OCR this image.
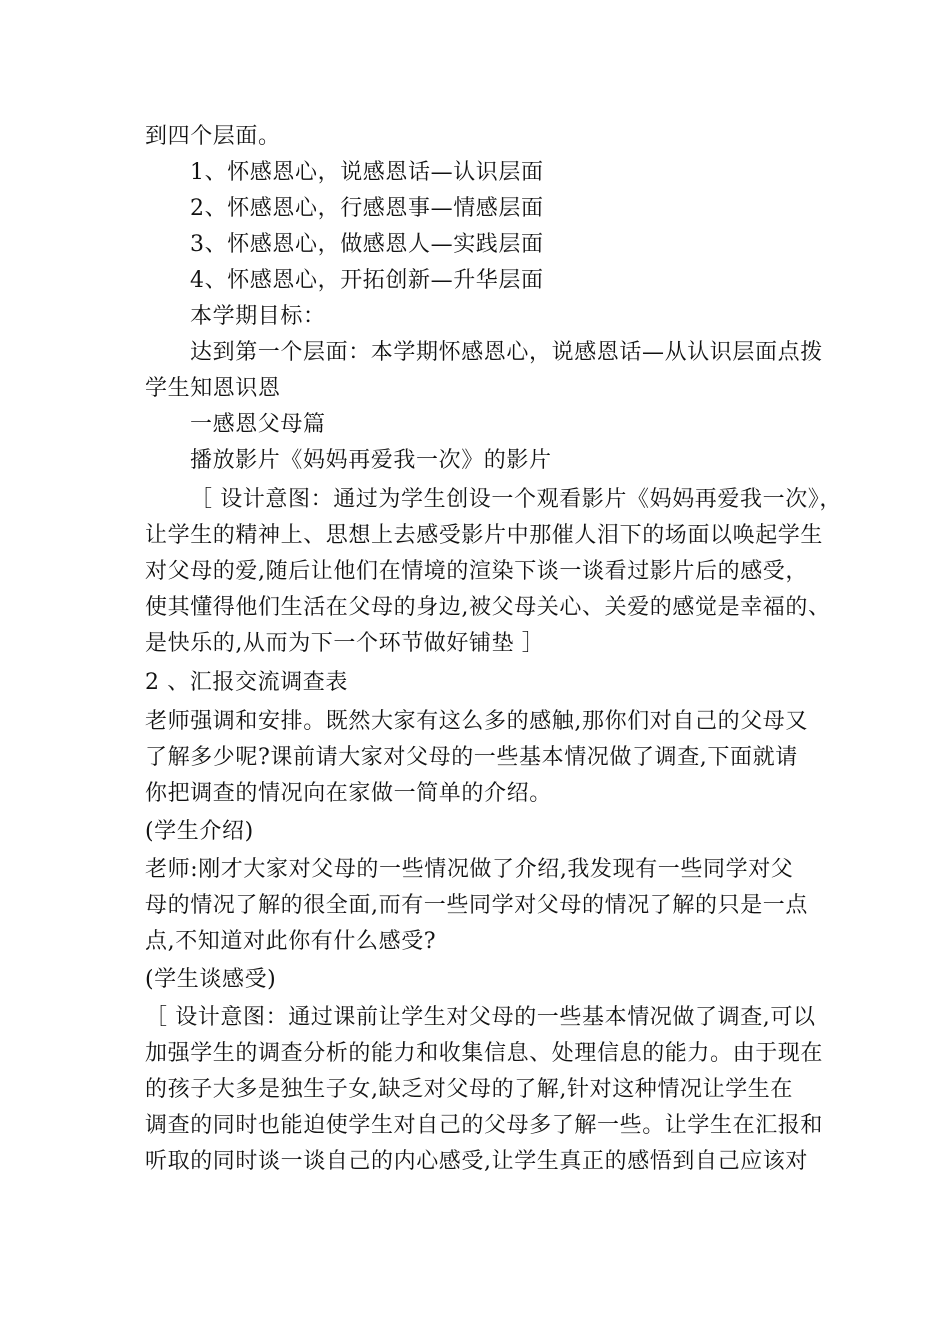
到四个层面。
1、怀感恩心，说感恩话—认识层面
2、怀感恩心，行感恩事—情感层面
3、怀感恩心，做感恩人—实践层面
4、怀感恩心，开拓创新—升华层面
本学期目标：
达到第一个层面：本学期怀感恩心，说感恩话—从认识层面点拨
学生知恩识恩
一感恩父母篇
播放影片《妈妈再爱我一次》的影片
［ 设计意图：通过为学生创设一个观看影片《妈妈再爱我一次》，
让学生的精神上、思想上去感受影片中那催人泪下的场面以唤起学生
对父母的爱,随后让他们在情境的渲染下谈一谈看过影片后的感受，
使其懂得他们生活在父母的身边,被父母关心、关爱的感觉是幸福的、
是快乐的,从而为下一个环节做好铺垫 ］
2 、汇报交流调查表
老师强调和安排。既然大家有这么多的感触,那你们对自己的父母又
了解多少呢?课前请大家对父母的一些基本情况做了调查,下面就请
你把调查的情况向在家做一简单的介绍。
(学生介绍)
老师:刚才大家对父母的一些情况做了介绍,我发现有一些同学对父
母的情况了解的很全面,而有一些同学对父母的情况了解的只是一点
点,不知道对此你有什么感受?
(学生谈感受)
［ 设计意图：通过课前让学生对父母的一些基本情况做了调查,可以
加强学生的调查分析的能力和收集信息、处理信息的能力。由于现在
的孩子大多是独生子女,缺乏对父母的了解,针对这种情况让学生在
调查的同时也能迫使学生对自己的父母多了解一些。让学生在汇报和
听取的同时谈一谈自己的内心感受,让学生真正的感悟到自己应该对
